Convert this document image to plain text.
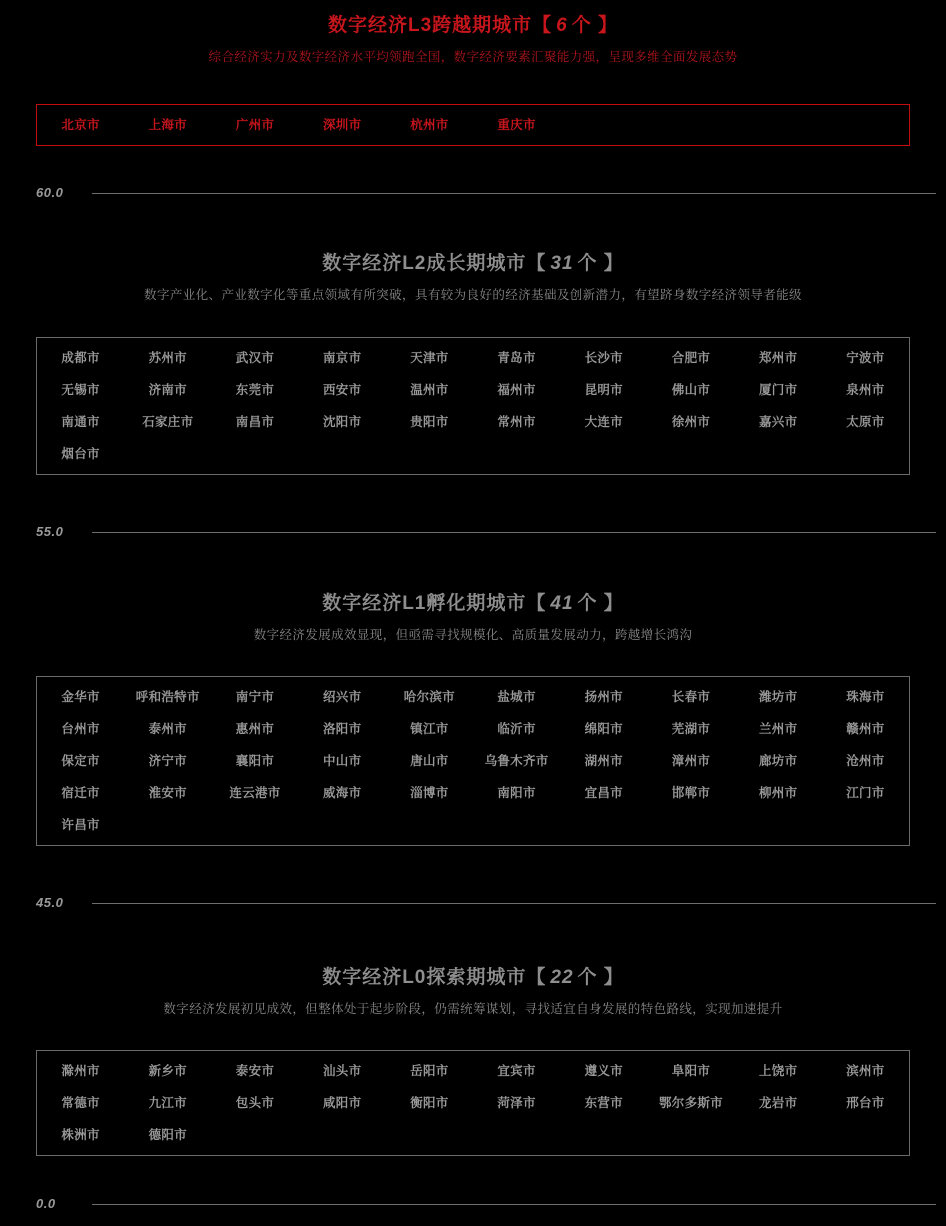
数字经济L3跨越期城市【 6 个 】
综合经济实力及数字经济水平均领跑全国，数字经济要素汇聚能力强，呈现多维全面发展态势
北京市	上海市	广州市	深圳市	杭州市	重庆市
60.0
数字经济L2成长期城市【 31 个 】
数字产业化、产业数字化等重点领域有所突破，具有较为良好的经济基础及创新潜力，有望跻身数字经济领导者能级
成都市	苏州市	武汉市	南京市	天津市	青岛市	长沙市	合肥市	郑州市	宁波市
无锡市	济南市	东莞市	西安市	温州市	福州市	昆明市	佛山市	厦门市	泉州市
南通市	石家庄市	南昌市	沈阳市	贵阳市	常州市	大连市	徐州市	嘉兴市	太原市
烟台市
55.0
数字经济L1孵化期城市【 41 个 】
数字经济发展成效显现，但亟需寻找规模化、高质量发展动力，跨越增长鸿沟
金华市	呼和浩特市	南宁市	绍兴市	哈尔滨市	盐城市	扬州市	长春市	潍坊市	珠海市
台州市	泰州市	惠州市	洛阳市	镇江市	临沂市	绵阳市	芜湖市	兰州市	赣州市
保定市	济宁市	襄阳市	中山市	唐山市	乌鲁木齐市	湖州市	漳州市	廊坊市	沧州市
宿迁市	淮安市	连云港市	威海市	淄博市	南阳市	宜昌市	邯郸市	柳州市	江门市
许昌市
45.0
数字经济L0探索期城市【 22 个 】
数字经济发展初见成效，但整体处于起步阶段，仍需统筹谋划，寻找适宜自身发展的特色路线，实现加速提升
滁州市	新乡市	泰安市	汕头市	岳阳市	宜宾市	遵义市	阜阳市	上饶市	滨州市
常德市	九江市	包头市	咸阳市	衡阳市	菏泽市	东营市	鄂尔多斯市	龙岩市	邢台市
株洲市	德阳市
0.0
